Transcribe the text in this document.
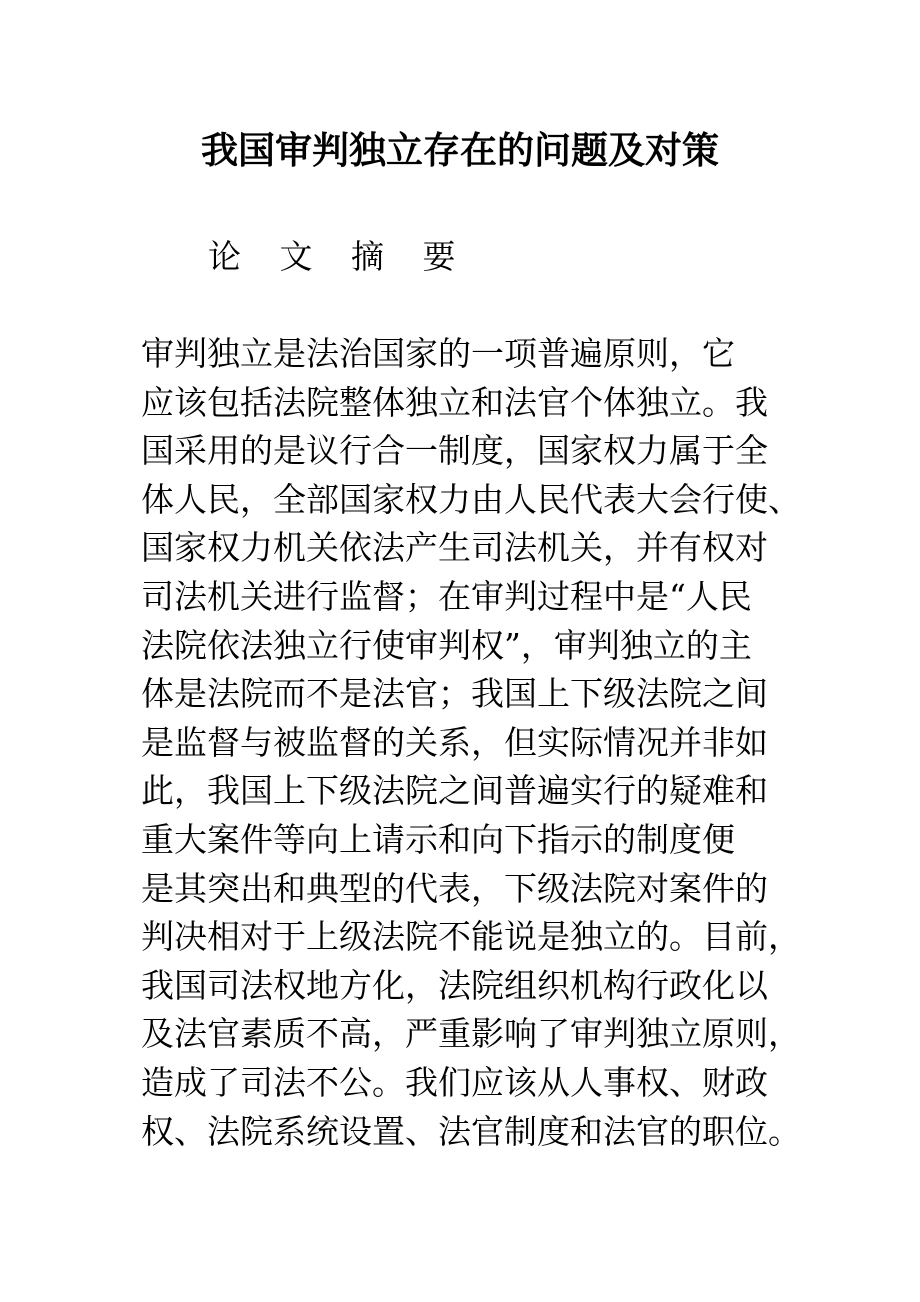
我国审判独立存在的问题及对策
论 文 摘 要
审判独立是法治国家的一项普遍原则，它
应该包括法院整体独立和法官个体独立。我
国采用的是议行合一制度，国家权力属于全
体人民，全部国家权力由人民代表大会行使、
国家权力机关依法产生司法机关，并有权对
司法机关进行监督；在审判过程中是“人民
法院依法独立行使审判权”，审判独立的主
体是法院而不是法官；我国上下级法院之间
是监督与被监督的关系，但实际情况并非如
此，我国上下级法院之间普遍实行的疑难和
重大案件等向上请示和向下指示的制度便
是其突出和典型的代表，下级法院对案件的
判决相对于上级法院不能说是独立的。目前，
我国司法权地方化，法院组织机构行政化以
及法官素质不高，严重影响了审判独立原则，
造成了司法不公。我们应该从人事权、财政
权、法院系统设置、法官制度和法官的职位。
